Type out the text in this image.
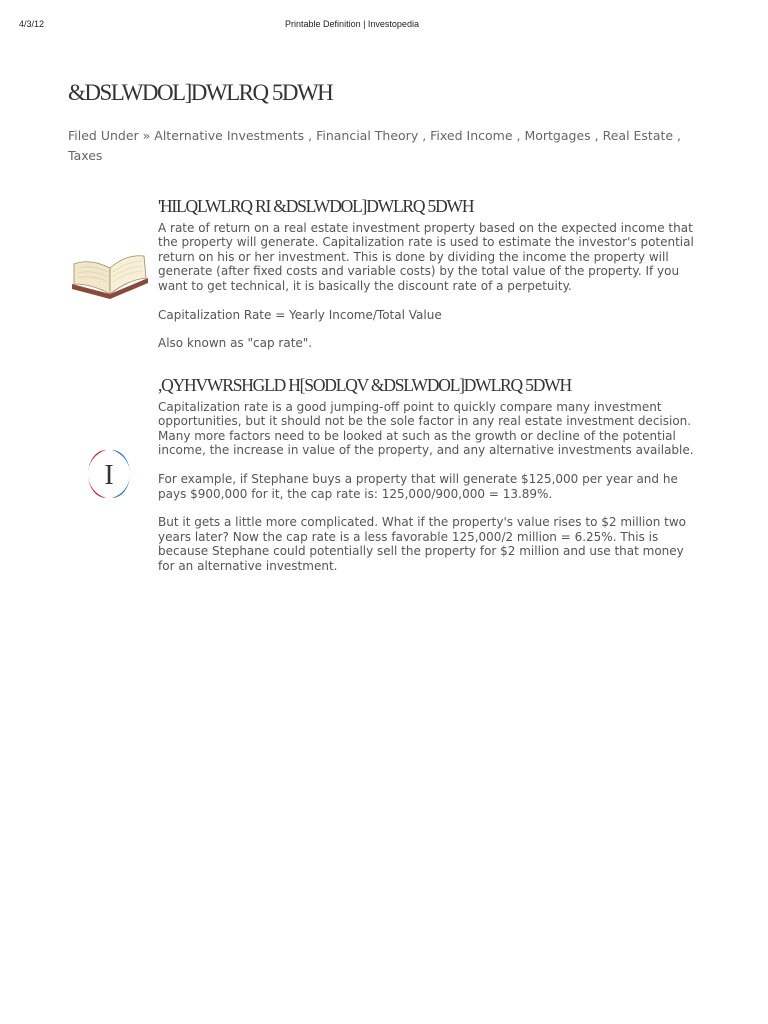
4/3/12	Printable Definition | Investopedia
&DSLWDOL]DWLRQ 5DWH
Filed Under » Alternative Investments , Financial Theory , Fixed Income , Mortgages , Real Estate , Taxes
'HILQLWLRQ RI &DSLWDOL]DWLRQ 5DWH

A rate of return on a real estate investment property based on the expected income that the property will generate. Capitalization rate is used to estimate the investor's potential return on his or her investment. This is done by dividing the income the property will generate (after fixed costs and variable costs) by the total value of the property. If you want to get technical, it is basically the discount rate of a perpetuity.

Capitalization Rate = Yearly Income/Total Value

Also known as "cap rate".

I
,QYHVWRSHGLD H[SODLQV &DSLWDOL]DWLRQ 5DWH

Capitalization rate is a good jumping-off point to quickly compare many investment opportunities, but it should not be the sole factor in any real estate investment decision. Many more factors need to be looked at such as the growth or decline of the potential income, the increase in value of the property, and any alternative investments available.

For example, if Stephane buys a property that will generate $125,000 per year and he pays $900,000 for it, the cap rate is: 125,000/900,000 = 13.89%.

But it gets a little more complicated. What if the property's value rises to $2 million two years later? Now the cap rate is a less favorable 125,000/2 million = 6.25%. This is because Stephane could potentially sell the property for $2 million and use that money for an alternative investment.
